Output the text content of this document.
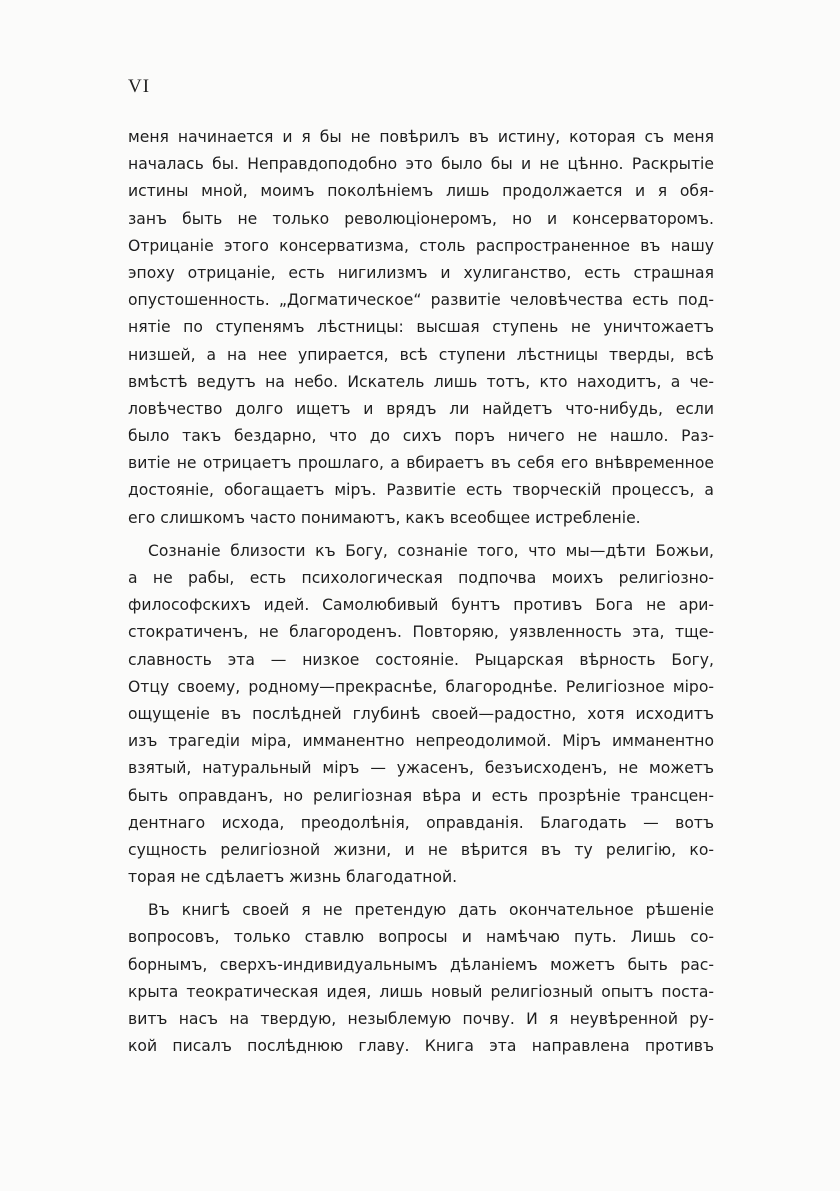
VI
меня начинается и я бы не повѣрилъ въ истину, которая съ меня
началась бы. Неправдоподобно это было бы и не цѣнно. Раскрытіе
истины мной, моимъ поколѣніемъ лишь продолжается и я обя-
занъ быть не только революціонеромъ, но и консерваторомъ.
Отрицаніе этого консерватизма, столь распространенное въ нашу
эпоху отрицаніе, есть нигилизмъ и хулиганство, есть страшная
опустошенность. „Догматическое“ развитіе человѣчества есть под-
нятіе по ступенямъ лѣстницы: высшая ступень не уничтожаетъ
низшей, а на нее упирается, всѣ ступени лѣстницы тверды, всѣ
вмѣстѣ ведутъ на небо. Искатель лишь тотъ, кто находитъ, а че-
ловѣчество долго ищетъ и врядъ ли найдетъ что-нибудь, если
было такъ бездарно, что до сихъ поръ ничего не нашло. Раз-
витіе не отрицаетъ прошлаго, а вбираетъ въ себя его внѣвременное
достояніе, обогащаетъ міръ. Развитіе есть творческій процессъ, а
его слишкомъ часто понимаютъ, какъ всеобщее истребленіе.
Сознаніе близости къ Богу, сознаніе того, что мы—дѣти Божьи,
а не рабы, есть психологическая подпочва моихъ религіозно-
философскихъ идей. Самолюбивый бунтъ противъ Бога не ари-
стократиченъ, не благороденъ. Повторяю, уязвленность эта, тще-
славность эта — низкое состояніе. Рыцарская вѣрность Богу,
Отцу своему, родному—прекраснѣе, благороднѣе. Религіозное міро-
ощущеніе въ послѣдней глубинѣ своей—радостно, хотя исходитъ
изъ трагедіи міра, имманентно непреодолимой. Міръ имманентно
взятый, натуральный міръ — ужасенъ, безъисходенъ, не можетъ
быть оправданъ, но религіозная вѣра и есть прозрѣніе трансцен-
дентнаго исхода, преодолѣнія, оправданія. Благодать — вотъ
сущность религіозной жизни, и не вѣрится въ ту религію, ко-
торая не сдѣлаетъ жизнь благодатной.
Въ книгѣ своей я не претендую дать окончательное рѣшеніе
вопросовъ, только ставлю вопросы и намѣчаю путь. Лишь со-
борнымъ, сверхъ-индивидуальнымъ дѣланіемъ можетъ быть рас-
крыта теократическая идея, лишь новый религіозный опытъ поста-
витъ насъ на твердую, незыблемую почву. И я неувѣренной ру-
кой писалъ послѣднюю главу. Книга эта направлена противъ
